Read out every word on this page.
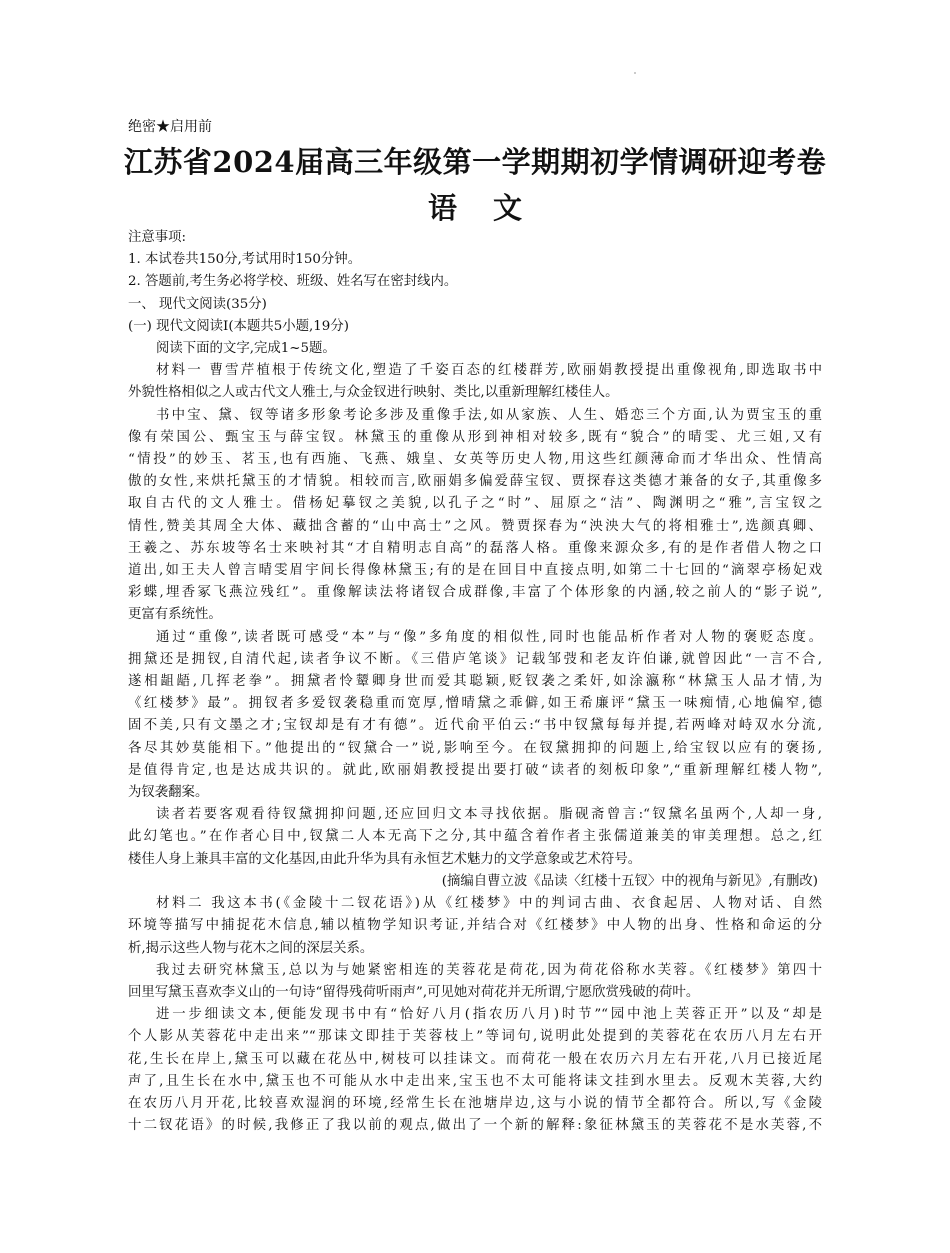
绝密★启用前
江苏省2024届高三年级第一学期期初学情调研迎考卷
语文
注意事项:
1. 本试卷共150分,考试用时150分钟。
2. 答题前,考生务必将学校、班级、姓名写在密封线内。
一、 现代文阅读(35分)
(一) 现代文阅读Ⅰ(本题共5小题,19分)
阅读下面的文字,完成1~5题。
材料一 曹雪芹植根于传统文化,塑造了千姿百态的红楼群芳,欧丽娟教授提出重像视角,即选取书中
外貌性格相似之人或古代文人雅士,与众金钗进行映射、类比,以重新理解红楼佳人。
书中宝、黛、钗等诸多形象考论多涉及重像手法,如从家族、人生、婚恋三个方面,认为贾宝玉的重
像有荣国公、甄宝玉与薛宝钗。林黛玉的重像从形到神相对较多,既有“貌合”的晴雯、尤三姐,又有
“情投”的妙玉、茗玉,也有西施、飞燕、娥皇、女英等历史人物,用这些红颜薄命而才华出众、性情高
傲的女性,来烘托黛玉的才情貌。相较而言,欧丽娟多偏爱薛宝钗、贾探春这类德才兼备的女子,其重像多
取自古代的文人雅士。借杨妃摹钗之美貌,以孔子之“时”、屈原之“洁”、陶渊明之“雅”,言宝钗之
情性,赞美其周全大体、藏拙含蓄的“山中高士”之风。赞贾探春为“泱泱大气的将相雅士”,选颜真卿、
王羲之、苏东坡等名士来映衬其“才自精明志自高”的磊落人格。重像来源众多,有的是作者借人物之口
道出,如王夫人曾言晴雯眉宇间长得像林黛玉;有的是在回目中直接点明,如第二十七回的“滴翠亭杨妃戏
彩蝶,埋香冢飞燕泣残红”。重像解读法将诸钗合成群像,丰富了个体形象的内涵,较之前人的“影子说”,
更富有系统性。
通过“重像”,读者既可感受“本”与“像”多角度的相似性,同时也能品析作者对人物的褒贬态度。
拥黛还是拥钗,自清代起,读者争议不断。《三借庐笔谈》记载邹弢和老友许伯谦,就曾因此“一言不合,
遂相龃龉,几挥老拳”。拥黛者怜颦卿身世而爱其聪颖,贬钗袭之柔奸,如涂瀛称“林黛玉人品才情,为
《红楼梦》最”。拥钗者多爱钗袭稳重而宽厚,憎晴黛之乖僻,如王希廉评“黛玉一味痴情,心地偏窄,德
固不美,只有文墨之才;宝钗却是有才有德”。近代俞平伯云:“书中钗黛每每并提,若两峰对峙双水分流,
各尽其妙莫能相下。”他提出的“钗黛合一”说,影响至今。在钗黛拥抑的问题上,给宝钗以应有的褒扬,
是值得肯定,也是达成共识的。就此,欧丽娟教授提出要打破“读者的刻板印象”,“重新理解红楼人物”,
为钗袭翻案。
读者若要客观看待钗黛拥抑问题,还应回归文本寻找依据。脂砚斋曾言:“钗黛名虽两个,人却一身,
此幻笔也。”在作者心目中,钗黛二人本无高下之分,其中蕴含着作者主张儒道兼美的审美理想。总之,红
楼佳人身上兼具丰富的文化基因,由此升华为具有永恒艺术魅力的文学意象或艺术符号。
(摘编自曹立波《品读〈红楼十五钗〉中的视角与新见》,有删改)
材料二 我这本书(《金陵十二钗花语》)从《红楼梦》中的判词古曲、衣食起居、人物对话、自然
环境等描写中捕捉花木信息,辅以植物学知识考证,并结合对《红楼梦》中人物的出身、性格和命运的分
析,揭示这些人物与花木之间的深层关系。
我过去研究林黛玉,总以为与她紧密相连的芙蓉花是荷花,因为荷花俗称水芙蓉。《红楼梦》第四十
回里写黛玉喜欢李义山的一句诗“留得残荷听雨声”,可见她对荷花并无所谓,宁愿欣赏残破的荷叶。
进一步细读文本,便能发现书中有“恰好八月(指农历八月)时节”“园中池上芙蓉正开”以及“却是
个人影从芙蓉花中走出来”“那诔文即挂于芙蓉枝上”等词句,说明此处提到的芙蓉花在农历八月左右开
花,生长在岸上,黛玉可以藏在花丛中,树枝可以挂诔文。而荷花一般在农历六月左右开花,八月已接近尾
声了,且生长在水中,黛玉也不可能从水中走出来,宝玉也不太可能将诔文挂到水里去。反观木芙蓉,大约
在农历八月开花,比较喜欢湿润的环境,经常生长在池塘岸边,这与小说的情节全都符合。所以,写《金陵
十二钗花语》的时候,我修正了我以前的观点,做出了一个新的解释:象征林黛玉的芙蓉花不是水芙蓉,不
